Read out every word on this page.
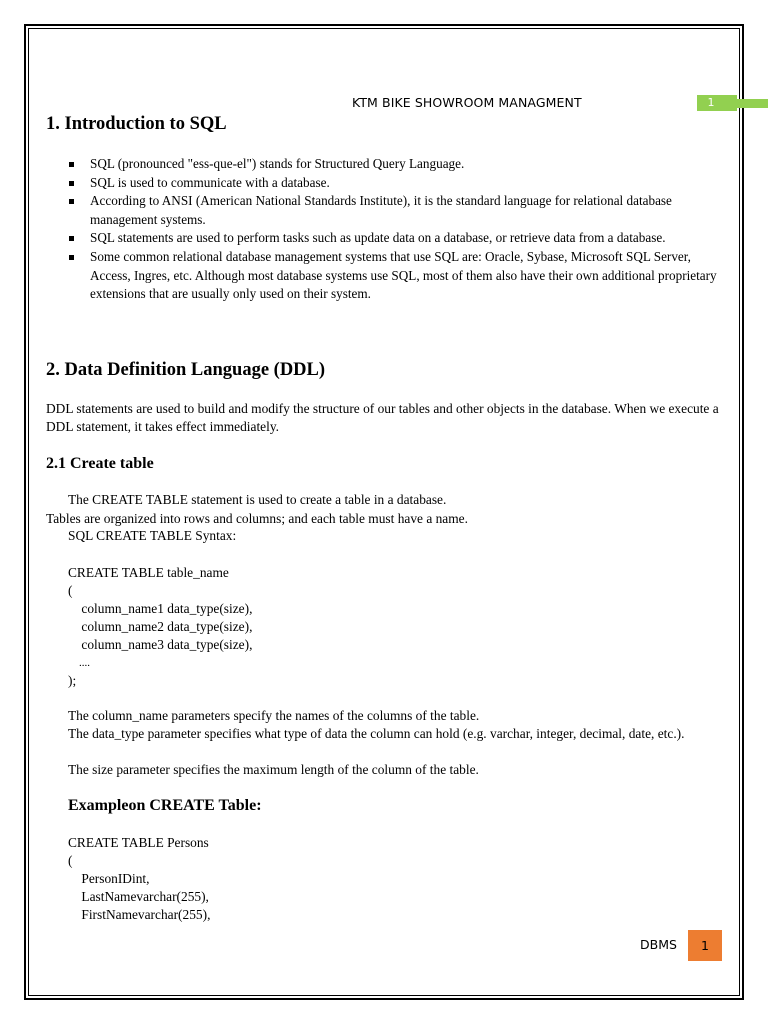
KTM BIKE SHOWROOM MANAGMENT	1
1. Introduction to SQL
SQL (pronounced "ess-que-el") stands for Structured Query Language.
SQL is used to communicate with a database.
According to ANSI (American National Standards Institute), it is the standard language for relational database management systems.
SQL statements are used to perform tasks such as update data on a database, or retrieve data from a database.
Some common relational database management systems that use SQL are: Oracle, Sybase, Microsoft SQL Server, Access, Ingres, etc. Although most database systems use SQL, most of them also have their own additional proprietary extensions that are usually only used on their system.
2. Data Definition Language (DDL)
DDL statements are used to build and modify the structure of our tables and other objects in the database. When we execute a DDL statement, it takes effect immediately.
2.1 Create table
The CREATE TABLE statement is used to create a table in a database.
Tables are organized into rows and columns; and each table must have a name.
SQL CREATE TABLE Syntax:
CREATE TABLE table_name
(
column_name1 data_type(size),
column_name2 data_type(size),
column_name3 data_type(size),
....
);
The column_name parameters specify the names of the columns of the table.
The data_type parameter specifies what type of data the column can hold (e.g. varchar, integer, decimal, date, etc.).
The size parameter specifies the maximum length of the column of the table.
Exampleon CREATE Table:
CREATE TABLE Persons
(
PersonIDint,
LastNamevarchar(255),
FirstNamevarchar(255),
DBMS	1
